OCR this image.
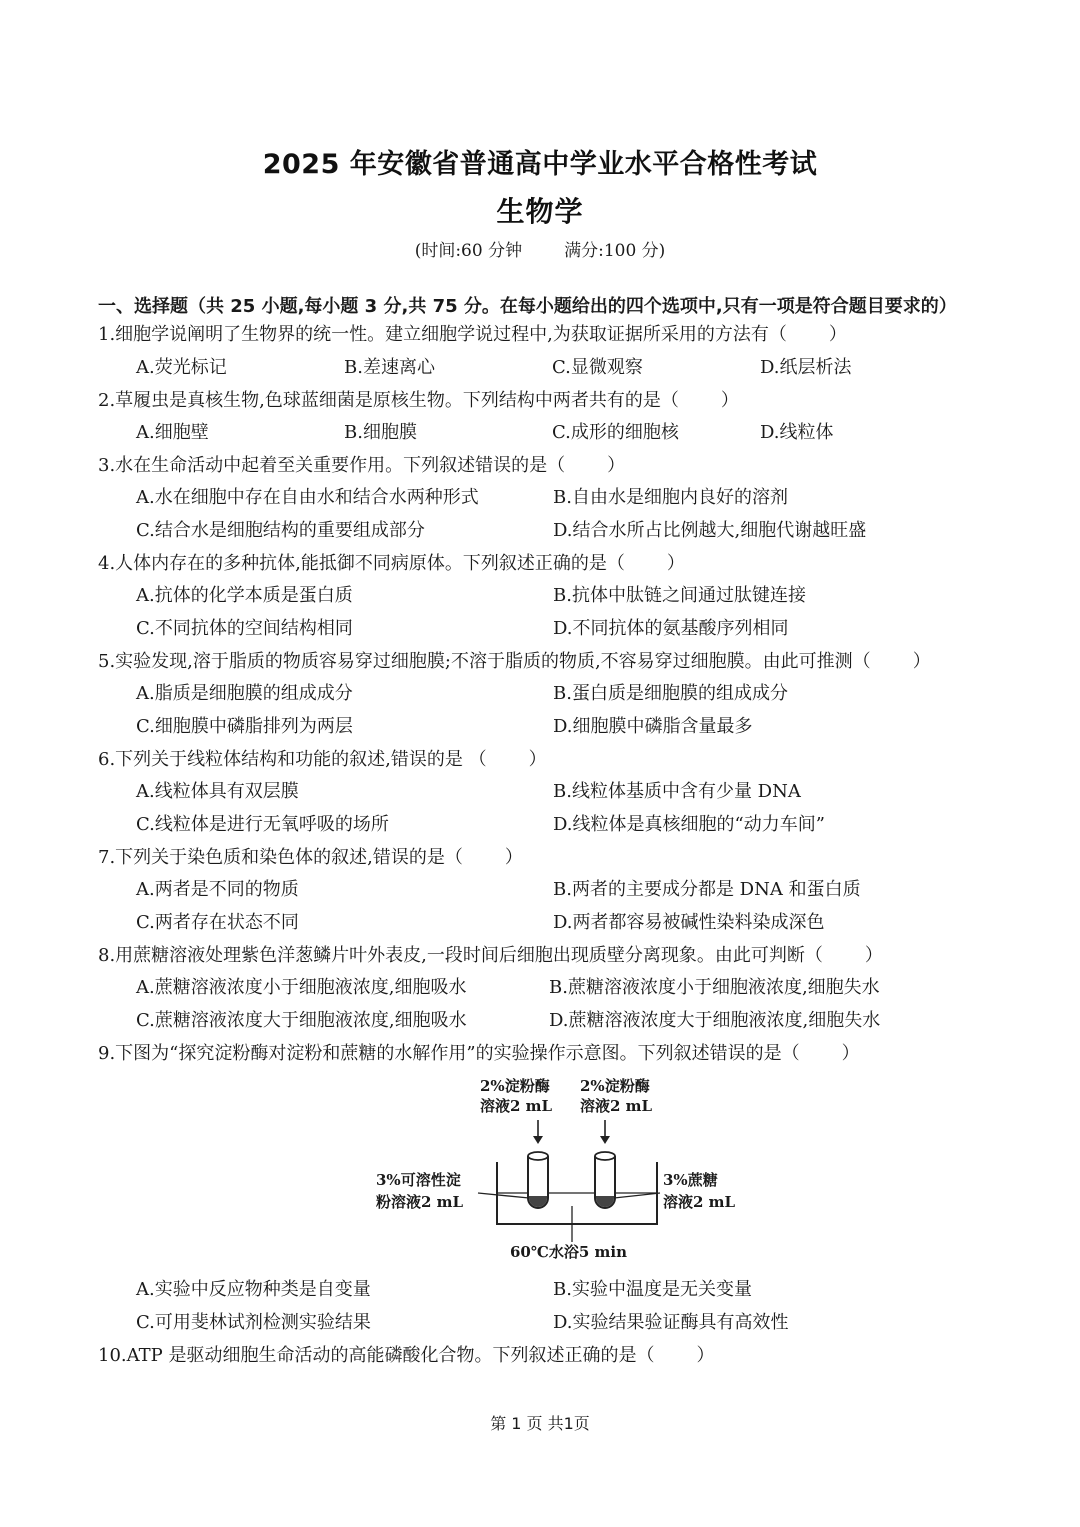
2025 年安徽省普通高中学业水平合格性考试
生物学
(时间:60 分钟 满分:100 分)
一、选择题（共 25 小题,每小题 3 分,共 75 分。在每小题给出的四个选项中,只有一项是符合题目要求的）
1.细胞学说阐明了生物界的统一性。建立细胞学说过程中,为获取证据所采用的方法有（ ）
A.荧光标记	B.差速离心	C.显微观察	D.纸层析法
2.草履虫是真核生物,色球蓝细菌是原核生物。下列结构中两者共有的是（ ）
A.细胞壁	B.细胞膜	C.成形的细胞核	D.线粒体
3.水在生命活动中起着至关重要作用。下列叙述错误的是（ ）
A.水在细胞中存在自由水和结合水两种形式	B.自由水是细胞内良好的溶剂
C.结合水是细胞结构的重要组成部分	D.结合水所占比例越大,细胞代谢越旺盛
4.人体内存在的多种抗体,能抵御不同病原体。下列叙述正确的是（ ）
A.抗体的化学本质是蛋白质	B.抗体中肽链之间通过肽键连接
C.不同抗体的空间结构相同	D.不同抗体的氨基酸序列相同
5.实验发现,溶于脂质的物质容易穿过细胞膜;不溶于脂质的物质,不容易穿过细胞膜。由此可推测（ ）
A.脂质是细胞膜的组成成分	B.蛋白质是细胞膜的组成成分
C.细胞膜中磷脂排列为两层	D.细胞膜中磷脂含量最多
6.下列关于线粒体结构和功能的叙述,错误的是 （ ）
A.线粒体具有双层膜	B.线粒体基质中含有少量 DNA
C.线粒体是进行无氧呼吸的场所	D.线粒体是真核细胞的“动力车间”
7.下列关于染色质和染色体的叙述,错误的是（ ）
A.两者是不同的物质	B.两者的主要成分都是 DNA 和蛋白质
C.两者存在状态不同	D.两者都容易被碱性染料染成深色
8.用蔗糖溶液处理紫色洋葱鳞片叶外表皮,一段时间后细胞出现质壁分离现象。由此可判断（ ）
A.蔗糖溶液浓度小于细胞液浓度,细胞吸水	B.蔗糖溶液浓度小于细胞液浓度,细胞失水
C.蔗糖溶液浓度大于细胞液浓度,细胞吸水	D.蔗糖溶液浓度大于细胞液浓度,细胞失水
9.下图为“探究淀粉酶对淀粉和蔗糖的水解作用”的实验操作示意图。下列叙述错误的是（ ）
2%淀粉酶
溶液2 mL
2%淀粉酶
溶液2 mL
3%可溶性淀
粉溶液2 mL
3%蔗糖
溶液2 mL
60℃水浴5 min
A.实验中反应物种类是自变量	B.实验中温度是无关变量
C.可用斐林试剂检测实验结果	D.实验结果验证酶具有高效性
10.ATP 是驱动细胞生命活动的高能磷酸化合物。下列叙述正确的是（ ）
第 1 页 共1页
